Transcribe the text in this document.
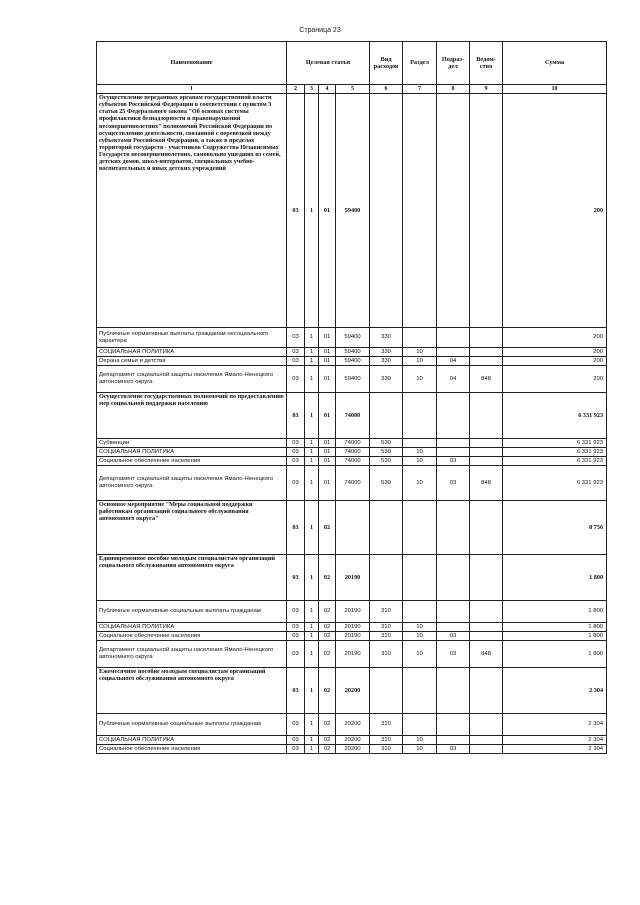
Страница 23
Наименование	Целевая статья				Вид расходов	Раздел	Подраз-дел	Ведом-ство	Сумма
1	2	3	4	5	6	7	8	9	10
Осуществление переданных органам государственной власти субъектов Российской Федерации в соответствии с пунктом 3 статьи 25 Федерального закона "Об основах системы профилактики безнадзорности и правонарушений несовершеннолетних" полномочий Российской Федерации по осуществлению деятельности, связанной с перевозкой между субъектами Российской Федерации, а также в пределах территорий государств - участников Содружества Независимых Государств несовершеннолетних, самовольно ушедших из семей, детских домов, школ-интернатов, специальных учебно-воспитательных и иных детских учреждений	03	1	01	59400					200
Публичные нормативные выплаты гражданам несоциального характера	03	1	01	59400	330				200
СОЦИАЛЬНАЯ ПОЛИТИКА	03	1	01	59400	330	10			200
Охрана семьи и детства	03	1	01	59400	330	10	04		200
Департамент социальной защиты населения Ямало-Ненецкого автономного округа	03	1	01	59400	330	10	04	848	200
Осуществление государственных полномочий по предоставлению мер социальной поддержки населению	03	1	01	74000					6 331 923
Субвенции	03	1	01	74000	530				6 331 923
СОЦИАЛЬНАЯ ПОЛИТИКА	03	1	01	74000	530	10			6 331 923
Социальное обеспечение населения	03	1	01	74000	530	10	03		6 331 923
Департамент социальной защиты населения Ямало-Ненецкого автономного округа	03	1	01	74000	530	10	03	848	6 331 923
Основное мероприятие "Меры социальной поддержки работникам организаций социального обслуживания автономного округа"	03	1	02						8 756
Единовременное пособие молодым специалистам организаций социального обслуживания автономного округа	03	1	02	20190					1 800
Публичные нормативные социальные выплаты гражданам	03	1	02	20190	310				1 800
СОЦИАЛЬНАЯ ПОЛИТИКА	03	1	02	20190	310	10			1 800
Социальное обеспечение населения	03	1	02	20190	310	10	03		1 800
Департамент социальной защиты населения Ямало-Ненецкого автономного округа	03	1	02	20190	310	10	03	848	1 800
Ежемесячное пособие молодым специалистам организаций социального обслуживания автономного округа	03	1	02	20200					2 304
Публичные нормативные социальные выплаты гражданам	03	1	02	20200	310				2 304
СОЦИАЛЬНАЯ ПОЛИТИКА	03	1	02	20200	310	10			2 304
Социальное обеспечение населения	03	1	02	20200	310	10	03		2 304
